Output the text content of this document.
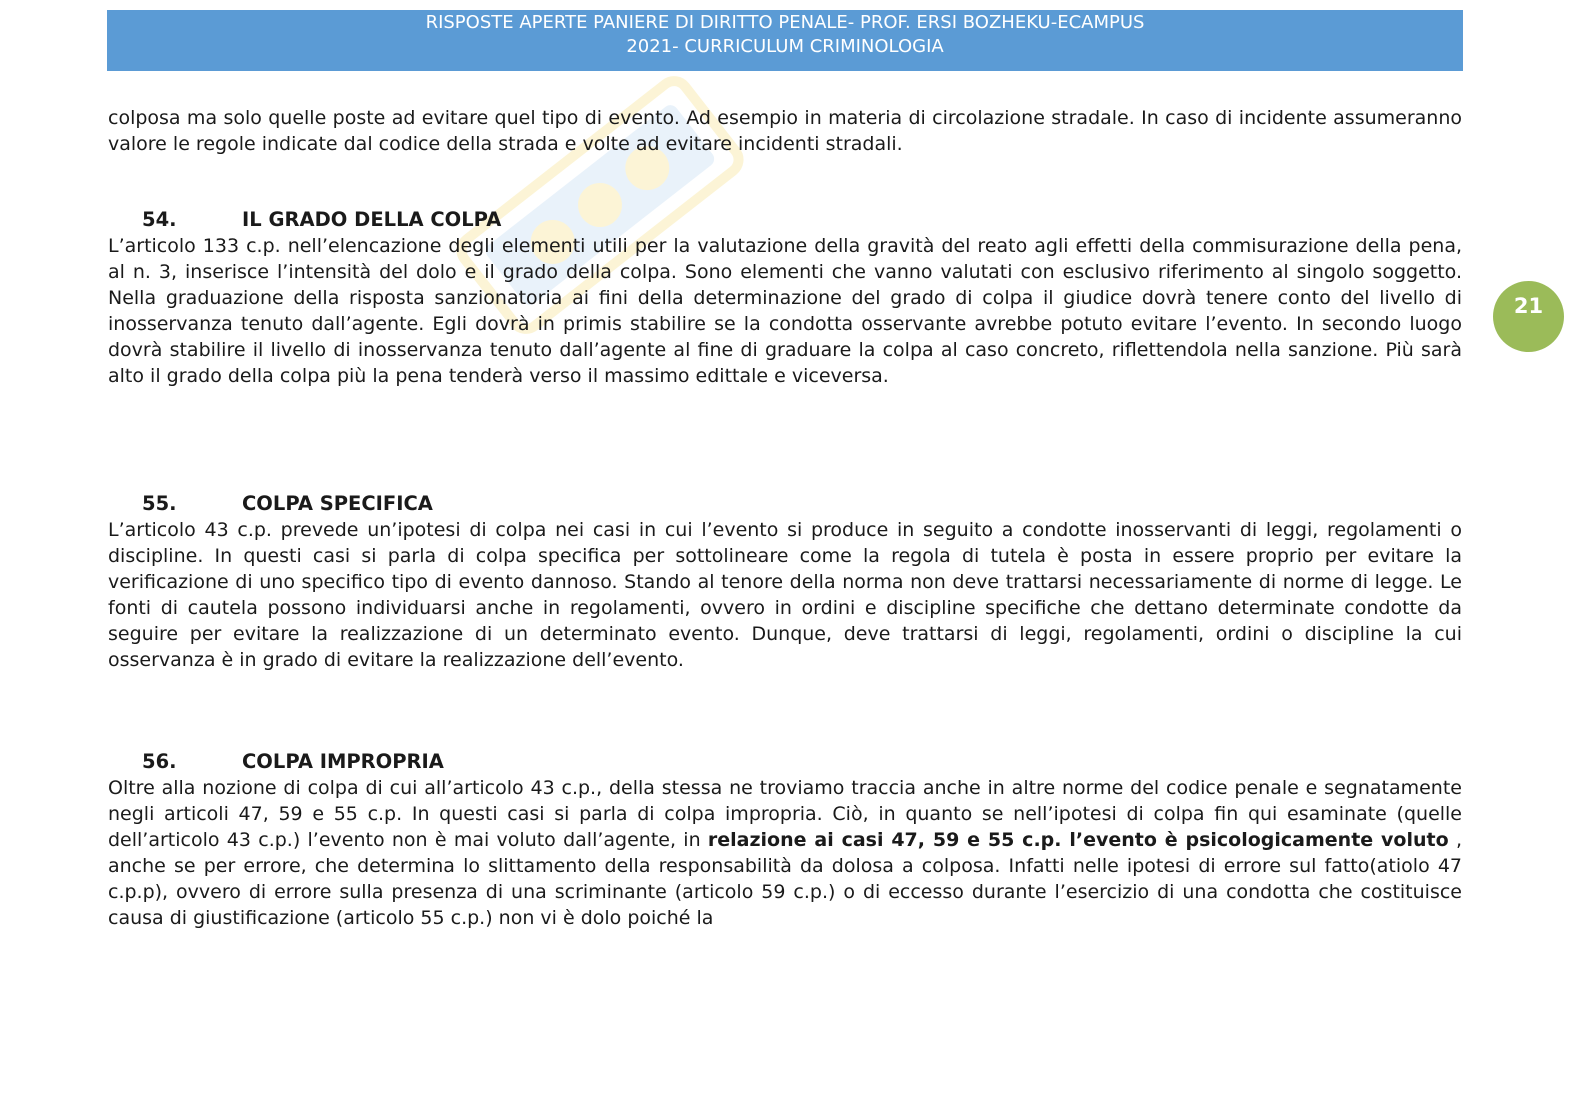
RISPOSTE APERTE PANIERE DI DIRITTO PENALE- PROF. ERSI BOZHEKU-ECAMPUS
2021- CURRICULUM CRIMINOLOGIA
21

colposa ma solo quelle poste ad evitare quel tipo di evento. Ad esempio in materia di circolazione stradale. In caso di incidente assumeranno valore le regole indicate dal codice della strada e volte ad evitare incidenti stradali.

54.	IL GRADO DELLA COLPA

L’articolo 133 c.p. nell’elencazione degli elementi utili per la valutazione della gravità del reato agli effetti della commisurazione della pena, al n. 3, inserisce l’intensità del dolo e il grado della colpa. Sono elementi che vanno valutati con esclusivo riferimento al singolo soggetto. Nella graduazione della risposta sanzionatoria ai fini della determinazione del grado di colpa il giudice dovrà tenere conto del livello di inosservanza tenuto dall’agente. Egli dovrà in primis stabilire se la condotta osservante avrebbe potuto evitare l’evento. In secondo luogo dovrà stabilire il livello di inosservanza tenuto dall’agente al fine di graduare la colpa al caso concreto, riflettendola nella sanzione. Più sarà alto il grado della colpa più la pena tenderà verso il massimo edittale e viceversa.

55.	COLPA SPECIFICA

L’articolo 43 c.p. prevede un’ipotesi di colpa nei casi in cui l’evento si produce in seguito a condotte inosservanti di leggi, regolamenti o discipline. In questi casi si parla di colpa specifica per sottolineare come la regola di tutela è posta in essere proprio per evitare la verificazione di uno specifico tipo di evento dannoso. Stando al tenore della norma non deve trattarsi necessariamente di norme di legge. Le fonti di cautela possono individuarsi anche in regolamenti, ovvero in ordini e discipline specifiche che dettano determinate condotte da seguire per evitare la realizzazione di un determinato evento. Dunque, deve trattarsi di leggi, regolamenti, ordini o discipline la cui osservanza è in grado di evitare la realizzazione dell’evento.

56.	COLPA IMPROPRIA

Oltre alla nozione di colpa di cui all’articolo 43 c.p., della stessa ne troviamo traccia anche in altre norme del codice penale e segnatamente negli articoli 47, 59 e 55 c.p. In questi casi si parla di colpa impropria. Ciò, in quanto se nell’ipotesi di colpa fin qui esaminate (quelle dell’articolo 43 c.p.) l’evento non è mai voluto dall’agente, in relazione ai casi 47, 59 e 55 c.p. l’evento è psicologicamente voluto , anche se per errore, che determina lo slittamento della responsabilità da dolosa a colposa. Infatti nelle ipotesi di errore sul fatto(atiolo 47 c.p.p), ovvero di errore sulla presenza di una scriminante (articolo 59 c.p.) o di eccesso durante l’esercizio di una condotta che costituisce causa di giustificazione (articolo 55 c.p.) non vi è dolo poiché la
